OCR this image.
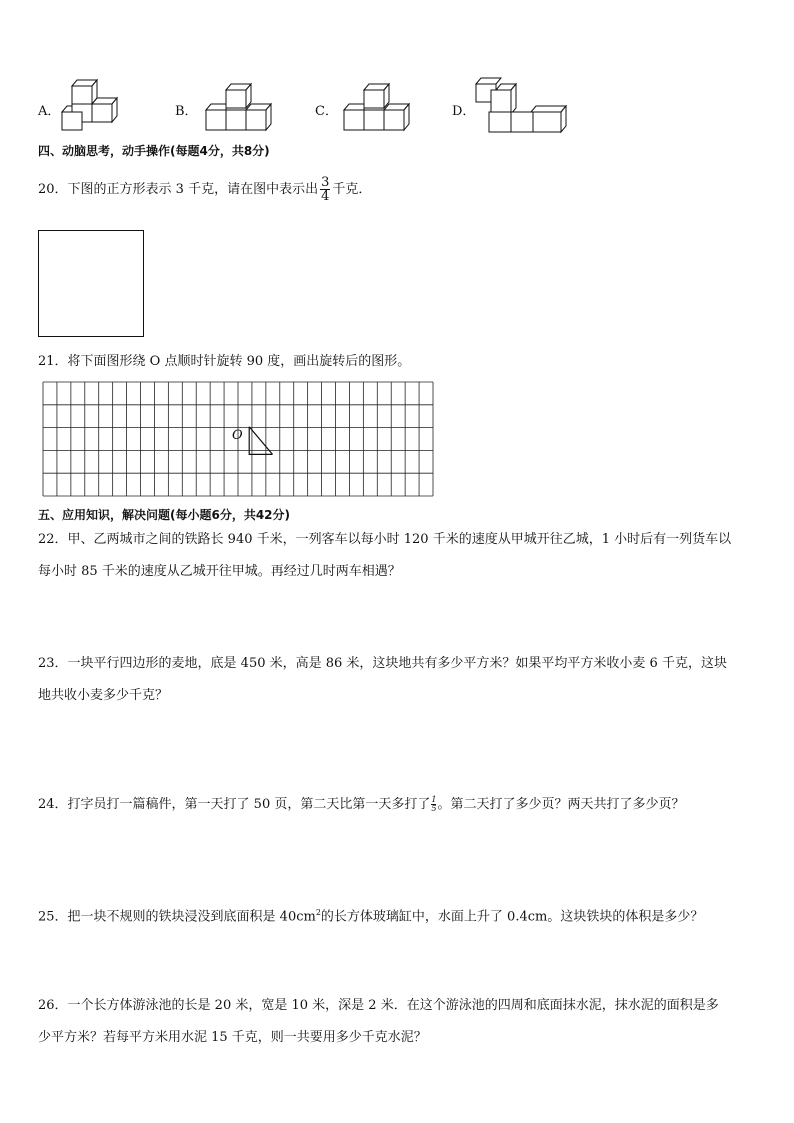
A．	B．	C．	D．
四、动脑思考，动手操作(每题4分，共8分)
20．下图的正方形表示 3 千克，请在图中表示出 $\frac{3}{4}$ 千克．
21．将下面图形绕 O 点顺时针旋转 90 度，画出旋转后的图形。
O
五、应用知识，解决问题(每小题6分，共42分)
22．甲、乙两城市之间的铁路长 940 千米，一列客车以每小时 120 千米的速度从甲城开往乙城，1 小时后有一列货车以
每小时 85 千米的速度从乙城开往甲城。再经过几时两车相遇？
23．一块平行四边形的麦地，底是 450 米，高是 86 米，这块地共有多少平方米？如果平均平方米收小麦 6 千克，这块
地共收小麦多少千克？
24．打字员打一篇稿件，第一天打了 50 页，第二天比第一天多打了 $\frac{1}{5}$ 。第二天打了多少页？两天共打了多少页？
25．把一块不规则的铁块浸没到底面积是 $40cm^2$的长方体玻璃缸中，水面上升了 0.4cm。这块铁块的体积是多少？
26．一个长方体游泳池的长是 20 米，宽是 10 米，深是 2 米．在这个游泳池的四周和底面抹水泥，抹水泥的面积是多
少平方米？若每平方米用水泥 15 千克，则一共要用多少千克水泥？
